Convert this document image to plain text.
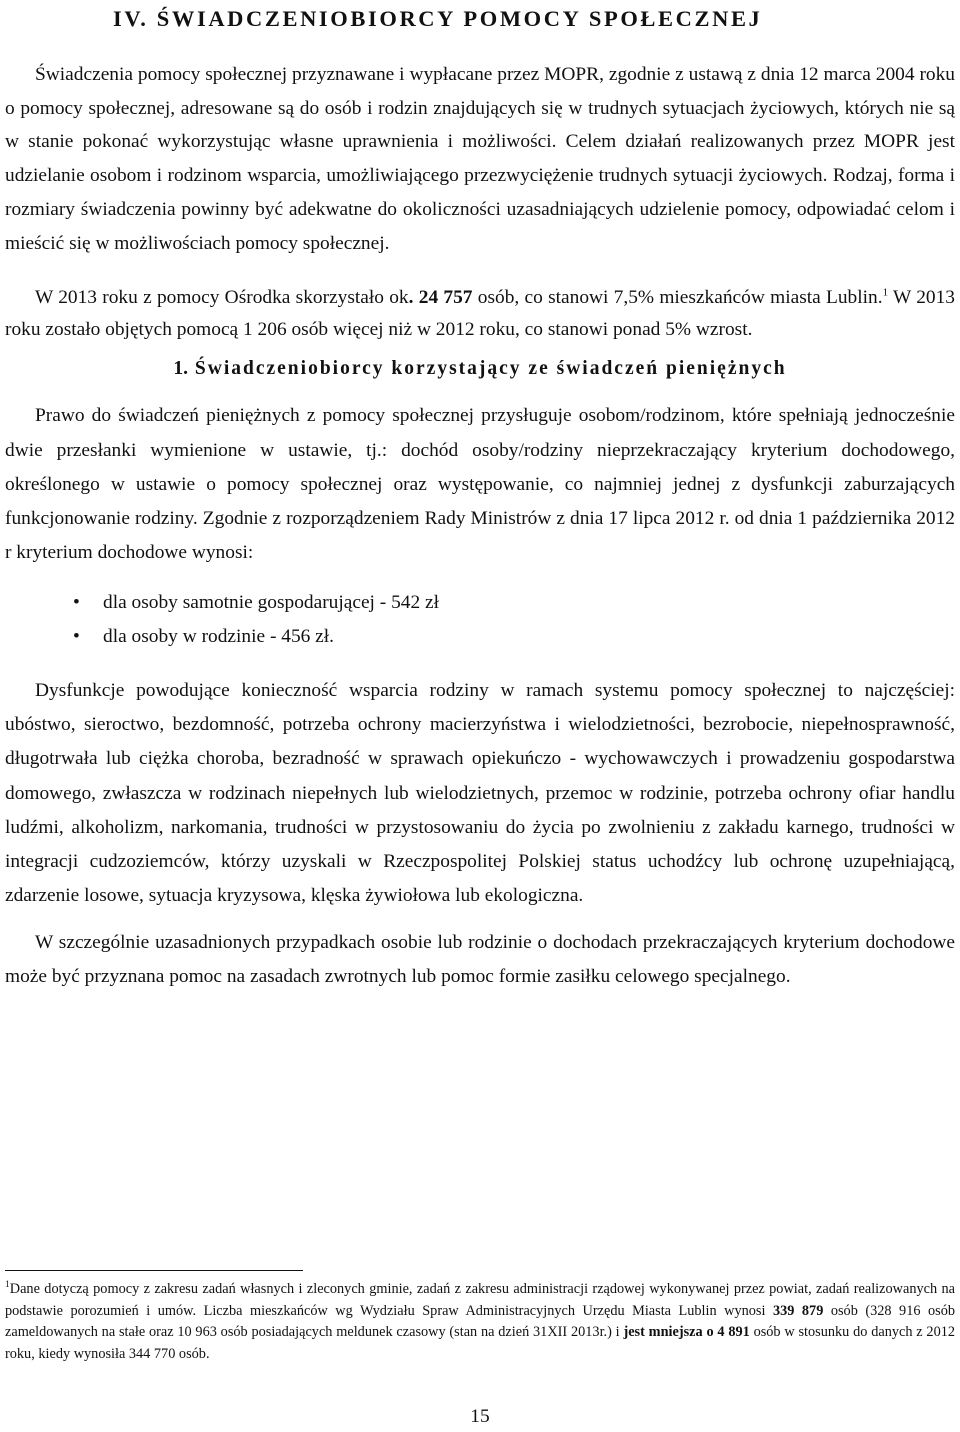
IV. ŚWIADCZENIOBIORCY POMOCY SPOŁECZNEJ

Świadczenia pomocy społecznej przyznawane i wypłacane przez MOPR, zgodnie z ustawą z dnia 12 marca 2004 roku o pomocy społecznej, adresowane są do osób i rodzin znajdujących się w trudnych sytuacjach życiowych, których nie są w stanie pokonać wykorzystując własne uprawnienia i możliwości. Celem działań realizowanych przez MOPR jest udzielanie osobom i rodzinom wsparcia, umożliwiającego przezwyciężenie trudnych sytuacji życiowych. Rodzaj, forma i rozmiary świadczenia powinny być adekwatne do okoliczności uzasadniających udzielenie pomocy, odpowiadać celom i mieścić się w możliwościach pomocy społecznej.

W 2013 roku z pomocy Ośrodka skorzystało ok. 24 757 osób, co stanowi 7,5% mieszkańców miasta Lublin.$^1$ W 2013 roku zostało objętych pomocą 1 206 osób więcej niż w 2012 roku, co stanowi ponad 5% wzrost.

1. Świadczeniobiorcy korzystający ze świadczeń pieniężnych

Prawo do świadczeń pieniężnych z pomocy społecznej przysługuje osobom/rodzinom, które spełniają jednocześnie dwie przesłanki wymienione w ustawie, tj.: dochód osoby/rodziny nieprzekraczający kryterium dochodowego, określonego w ustawie o pomocy społecznej oraz występowanie, co najmniej jednej z dysfunkcji zaburzających funkcjonowanie rodziny. Zgodnie z rozporządzeniem Rady Ministrów z dnia 17 lipca 2012 r. od dnia 1 października 2012 r kryterium dochodowe wynosi:

• dla osoby samotnie gospodarującej - 542 zł
• dla osoby w rodzinie - 456 zł.

Dysfunkcje powodujące konieczność wsparcia rodziny w ramach systemu pomocy społecznej to najczęściej: ubóstwo, sieroctwo, bezdomność, potrzeba ochrony macierzyństwa i wielodzietności, bezrobocie, niepełnosprawność, długotrwała lub ciężka choroba, bezradność w sprawach opiekuńczo - wychowawczych i prowadzeniu gospodarstwa domowego, zwłaszcza w rodzinach niepełnych lub wielodzietnych, przemoc w rodzinie, potrzeba ochrony ofiar handlu ludźmi, alkoholizm, narkomania, trudności w przystosowaniu do życia po zwolnieniu z zakładu karnego, trudności w integracji cudzoziemców, którzy uzyskali w Rzeczpospolitej Polskiej status uchodźcy lub ochronę uzupełniającą, zdarzenie losowe, sytuacja kryzysowa, klęska żywiołowa lub ekologiczna.

W szczególnie uzasadnionych przypadkach osobie lub rodzinie o dochodach przekraczających kryterium dochodowe może być przyznana pomoc na zasadach zwrotnych lub pomoc formie zasiłku celowego specjalnego.

$^1$Dane dotyczą pomocy z zakresu zadań własnych i zleconych gminie, zadań z zakresu administracji rządowej wykonywanej przez powiat, zadań realizowanych na podstawie porozumień i umów. Liczba mieszkańców wg Wydziału Spraw Administracyjnych Urzędu Miasta Lublin wynosi 339 879 osób (328 916 osób zameldowanych na stałe oraz 10 963 osób posiadających meldunek czasowy (stan na dzień 31XII 2013r.) i jest mniejsza o 4 891 osób w stosunku do danych z 2012 roku, kiedy wynosiła 344 770 osób.
15
